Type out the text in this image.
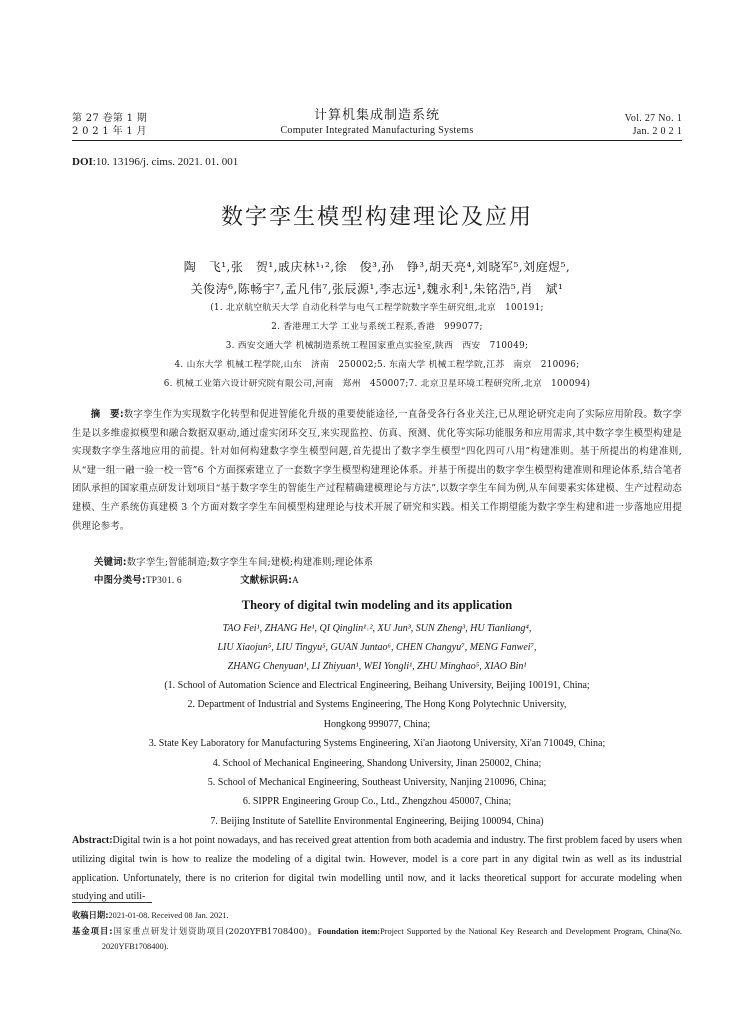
第 27 卷第 1 期
2 0 2 1 年 1 月
计算机集成制造系统
Computer Integrated Manufacturing Systems
Vol. 27 No. 1
Jan. 2 0 2 1
DOI:10. 13196/j. cims. 2021. 01. 001
数字孪生模型构建理论及应用
陶　飞¹,张　贺¹,戚庆林¹˒²,徐　俊³,孙　铮³,胡天亮⁴,刘晓军⁵,刘庭煜⁵,
关俊涛⁶,陈畅宇⁷,孟凡伟⁷,张辰源¹,李志远¹,魏永利¹,朱铭浩⁵,肖　斌¹
(1. 北京航空航天大学 自动化科学与电气工程学院数字孪生研究组,北京　100191;
2. 香港理工大学 工业与系统工程系,香港　999077;
3. 西安交通大学 机械制造系统工程国家重点实验室,陕西　西安　710049;
4. 山东大学 机械工程学院,山东　济南　250002;5. 东南大学 机械工程学院,江苏　南京　210096;
6. 机械工业第六设计研究院有限公司,河南　郑州　450007;7. 北京卫星环境工程研究所,北京　100094)
摘　要:数字孪生作为实现数字化转型和促进智能化升级的重要使能途径,一直备受各行各业关注,已从理论研究走向了实际应用阶段。数字孪生是以多维虚拟模型和融合数据双驱动,通过虚实闭环交互,来实现监控、仿真、预测、优化等实际功能服务和应用需求,其中数字孪生模型构建是实现数字孪生落地应用的前提。针对如何构建数字孪生模型问题,首先提出了数字孪生模型“四化四可八用”构建准则。基于所提出的构建准则,从“建一组一融一验一校一管”6 个方面探索建立了一套数字孪生模型构建理论体系。并基于所提出的数字孪生模型构建准则和理论体系,结合笔者团队承担的国家重点研发计划项目“基于数字孪生的智能生产过程精确建模理论与方法”,以数字孪生车间为例,从车间要素实体建模、生产过程动态建模、生产系统仿真建模 3 个方面对数字孪生车间模型构建理论与技术开展了研究和实践。相关工作期望能为数字孪生构建和进一步落地应用提供理论参考。
关键词:数字孪生;智能制造;数字孪生车间;建模;构建准则;理论体系
中图分类号:TP301. 6	文献标识码:A
Theory of digital twin modeling and its application
TAO Fei¹, ZHANG He¹, QI Qinglin¹˒², XU Jun³, SUN Zheng³, HU Tianliang⁴,
LIU Xiaojun⁵, LIU Tingyu⁵, GUAN Juntao⁶, CHEN Changyu⁷, MENG Fanwei⁷,
ZHANG Chenyuan¹, LI Zhiyuan¹, WEI Yongli¹, ZHU Minghao⁵, XIAO Bin¹
(1. School of Automation Science and Electrical Engineering, Beihang University, Beijing 100191, China;
2. Department of Industrial and Systems Engineering, The Hong Kong Polytechnic University,
Hongkong 999077, China;
3. State Key Laboratory for Manufacturing Systems Engineering, Xi'an Jiaotong University, Xi'an 710049, China;
4. School of Mechanical Engineering, Shandong University, Jinan 250002, China;
5. School of Mechanical Engineering, Southeast University, Nanjing 210096, China;
6. SIPPR Engineering Group Co., Ltd., Zhengzhou 450007, China;
7. Beijing Institute of Satellite Environmental Engineering, Beijing 100094, China)
Abstract:Digital twin is a hot point nowadays, and has received great attention from both academia and industry. The first problem faced by users when utilizing digital twin is how to realize the modeling of a digital twin. However, model is a core part in any digital twin as well as its industrial application. Unfortunately, there is no criterion for digital twin modelling until now, and it lacks theoretical support for accurate modeling when studying and utili-
收稿日期:2021-01-08. Received 08 Jan. 2021.
基金项目:国家重点研发计划资助项目(2020YFB1708400)。Foundation item:Project Supported by the National Key Research and Development Program, China(No. 2020YFB1708400).
